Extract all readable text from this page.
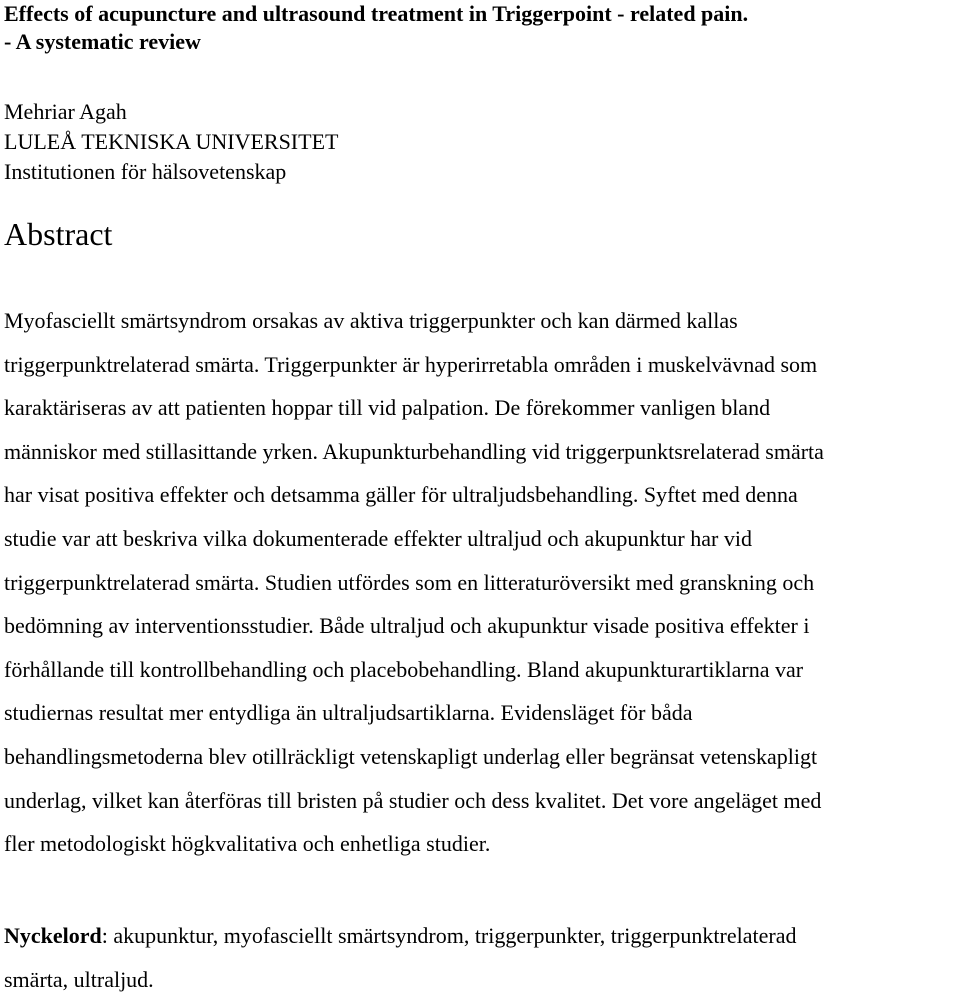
Effects of acupuncture and ultrasound treatment in Triggerpoint - related pain.
- A systematic review
Mehriar Agah
LULEÅ TEKNISKA UNIVERSITET
Institutionen för hälsovetenskap
Abstract
Myofasciellt smärtsyndrom orsakas av aktiva triggerpunkter och kan därmed kallas
triggerpunktrelaterad smärta. Triggerpunkter är hyperirretabla områden i muskelvävnad som
karaktäriseras av att patienten hoppar till vid palpation. De förekommer vanligen bland
människor med stillasittande yrken. Akupunkturbehandling vid triggerpunktsrelaterad smärta
har visat positiva effekter och detsamma gäller för ultraljudsbehandling. Syftet med denna
studie var att beskriva vilka dokumenterade effekter ultraljud och akupunktur har vid
triggerpunktrelaterad smärta. Studien utfördes som en litteraturöversikt med granskning och
bedömning av interventionsstudier. Både ultraljud och akupunktur visade positiva effekter i
förhållande till kontrollbehandling och placebobehandling. Bland akupunkturartiklarna var
studiernas resultat mer entydliga än ultraljudsartiklarna. Evidensläget för båda
behandlingsmetoderna blev otillräckligt vetenskapligt underlag eller begränsat vetenskapligt
underlag, vilket kan återföras till bristen på studier och dess kvalitet. Det vore angeläget med
fler metodologiskt högkvalitativa och enhetliga studier.
Nyckelord: akupunktur, myofasciellt smärtsyndrom, triggerpunkter, triggerpunktrelaterad
smärta, ultraljud.
